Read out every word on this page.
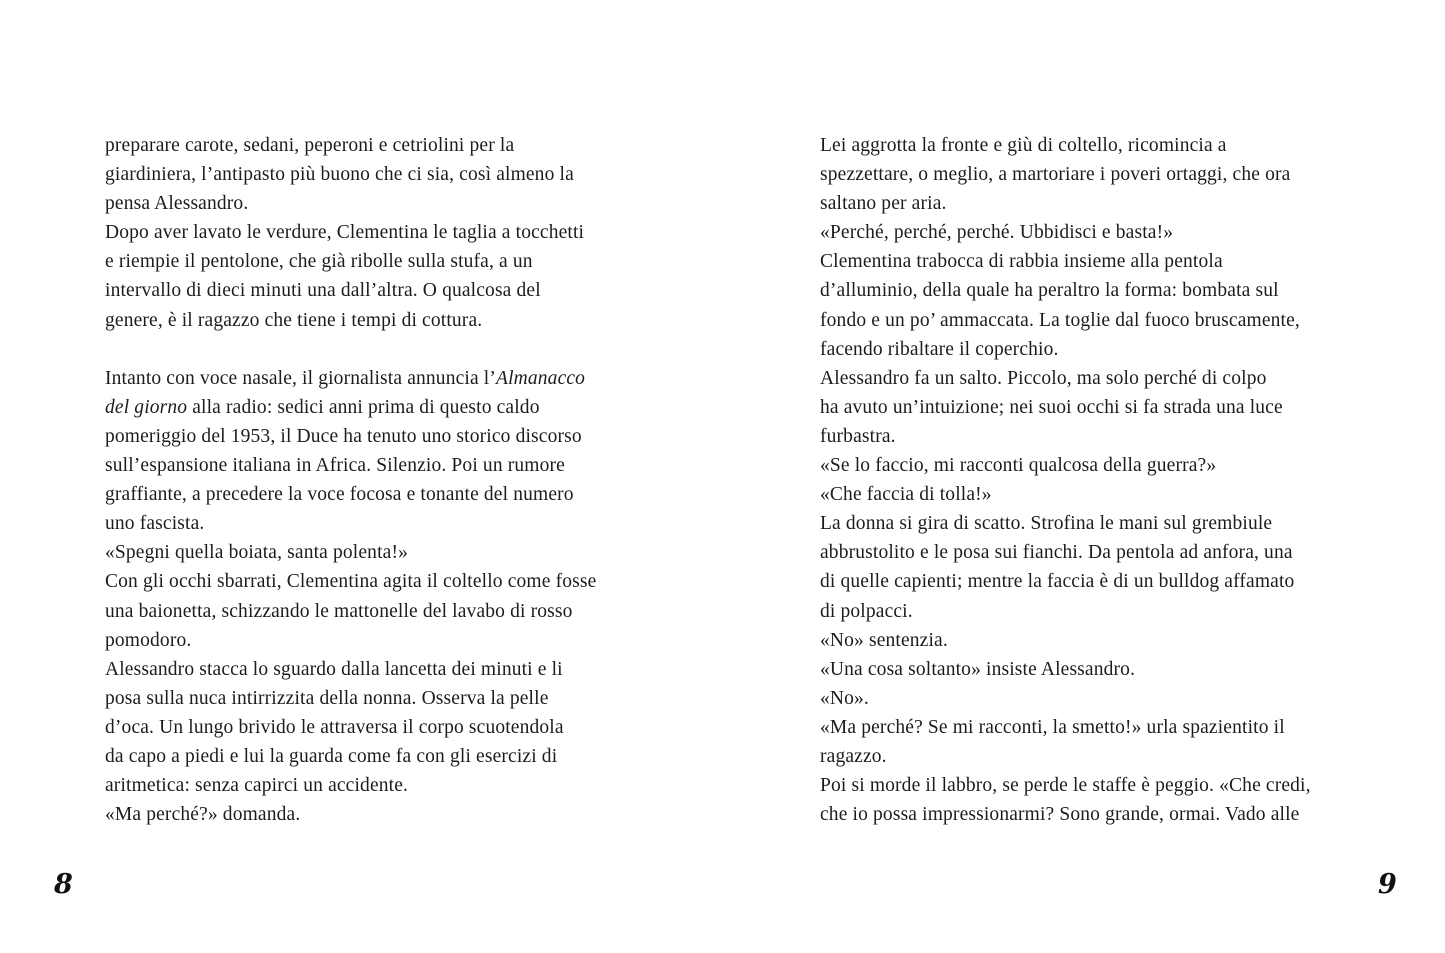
preparare carote, sedani, peperoni e cetriolini per la
giardiniera, l’antipasto più buono che ci sia, così almeno la
pensa Alessandro.
Dopo aver lavato le verdure, Clementina le taglia a tocchetti
e riempie il pentolone, che già ribolle sulla stufa, a un
intervallo di dieci minuti una dall’altra. O qualcosa del
genere, è il ragazzo che tiene i tempi di cottura.

Intanto con voce nasale, il giornalista annuncia l’Almanacco
del giorno alla radio: sedici anni prima di questo caldo
pomeriggio del 1953, il Duce ha tenuto uno storico discorso
sull’espansione italiana in Africa. Silenzio. Poi un rumore
graffiante, a precedere la voce focosa e tonante del numero
uno fascista.
«Spegni quella boiata, santa polenta!»
Con gli occhi sbarrati, Clementina agita il coltello come fosse
una baionetta, schizzando le mattonelle del lavabo di rosso
pomodoro.
Alessandro stacca lo sguardo dalla lancetta dei minuti e li
posa sulla nuca intirrizzita della nonna. Osserva la pelle
d’oca. Un lungo brivido le attraversa il corpo scuotendola
da capo a piedi e lui la guarda come fa con gli esercizi di
aritmetica: senza capirci un accidente.
«Ma perché?» domanda.
8
Lei aggrotta la fronte e giù di coltello, ricomincia a
spezzettare, o meglio, a martoriare i poveri ortaggi, che ora
saltano per aria.
«Perché, perché, perché. Ubbidisci e basta!»
Clementina trabocca di rabbia insieme alla pentola
d’alluminio, della quale ha peraltro la forma: bombata sul
fondo e un po’ ammaccata. La toglie dal fuoco bruscamente,
facendo ribaltare il coperchio.
Alessandro fa un salto. Piccolo, ma solo perché di colpo
ha avuto un’intuizione; nei suoi occhi si fa strada una luce
furbastra.
«Se lo faccio, mi racconti qualcosa della guerra?»
«Che faccia di tolla!»
La donna si gira di scatto. Strofina le mani sul grembiule
abbrustolito e le posa sui fianchi. Da pentola ad anfora, una
di quelle capienti; mentre la faccia è di un bulldog affamato
di polpacci.
«No» sentenzia.
«Una cosa soltanto» insiste Alessandro.
«No».
«Ma perché? Se mi racconti, la smetto!» urla spazientito il
ragazzo.
Poi si morde il labbro, se perde le staffe è peggio. «Che credi,
che io possa impressionarmi? Sono grande, ormai. Vado alle
9
